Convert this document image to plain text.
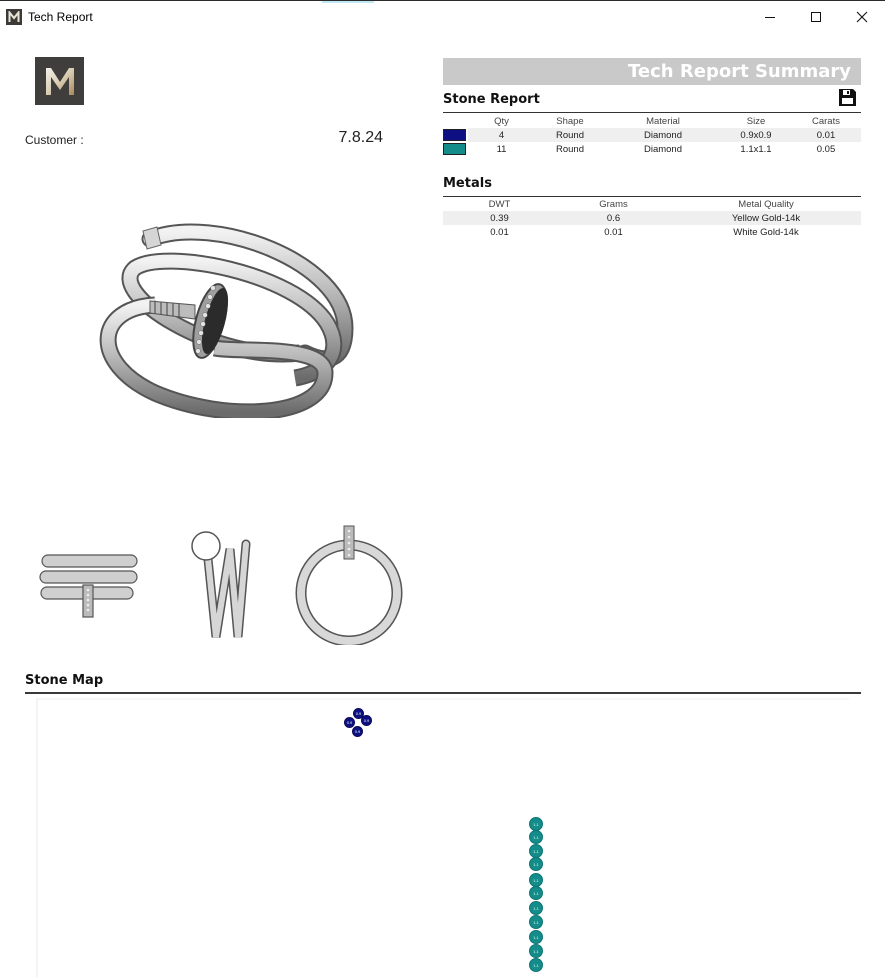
Tech Report
Customer :	7.8.24
Tech Report Summary
Stone Report
	Qty	Shape	Material	Size	Carats
	4	Round	Diamond	0.9x0.9	0.01
	11	Round	Diamond	1.1x1.1	0.05
Metals
DWT	Grams	Metal Quality
0.39	0.6	Yellow Gold-14k
0.01	0.01	White Gold-14k
Stone Map
0.9
0.9	0.9
0.9
1.1
1.1
1.1
1.1
1.1
1.1
1.1
1.1
1.1
1.1
1.1
